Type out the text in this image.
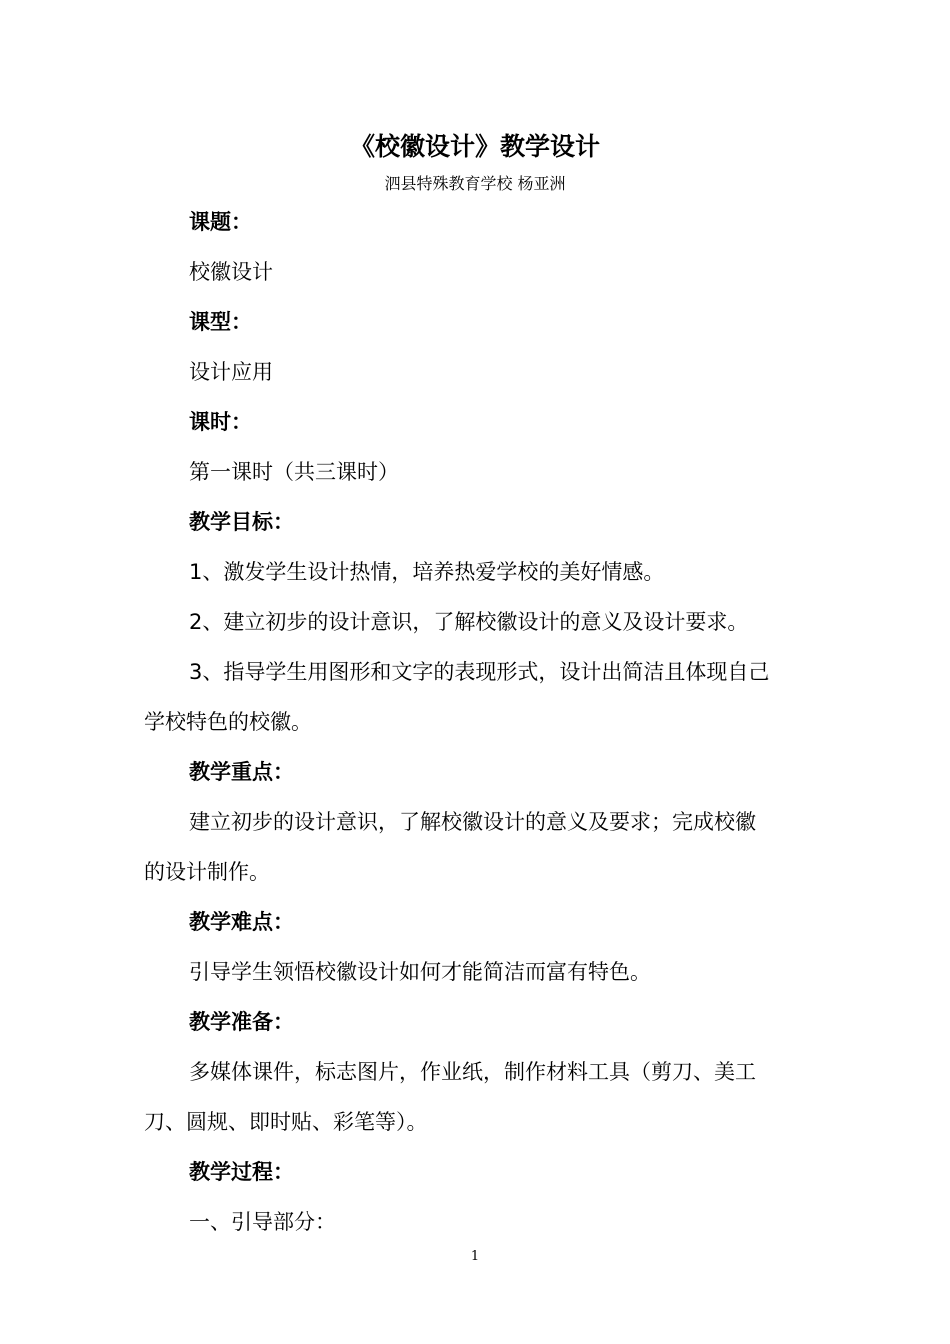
《校徽设计》教学设计
泗县特殊教育学校 杨亚洲
课题：
校徽设计
课型：
设计应用
课时：
第一课时（共三课时）
教学目标：
1、激发学生设计热情，培养热爱学校的美好情感。
2、建立初步的设计意识，了解校徽设计的意义及设计要求。
3、指导学生用图形和文字的表现形式，设计出简洁且体现自己
学校特色的校徽。
教学重点：
建立初步的设计意识，了解校徽设计的意义及要求；完成校徽
的设计制作。
教学难点：
引导学生领悟校徽设计如何才能简洁而富有特色。
教学准备：
多媒体课件，标志图片，作业纸，制作材料工具（剪刀、美工
刀、圆规、即时贴、彩笔等）。
教学过程：
一、引导部分：
1
